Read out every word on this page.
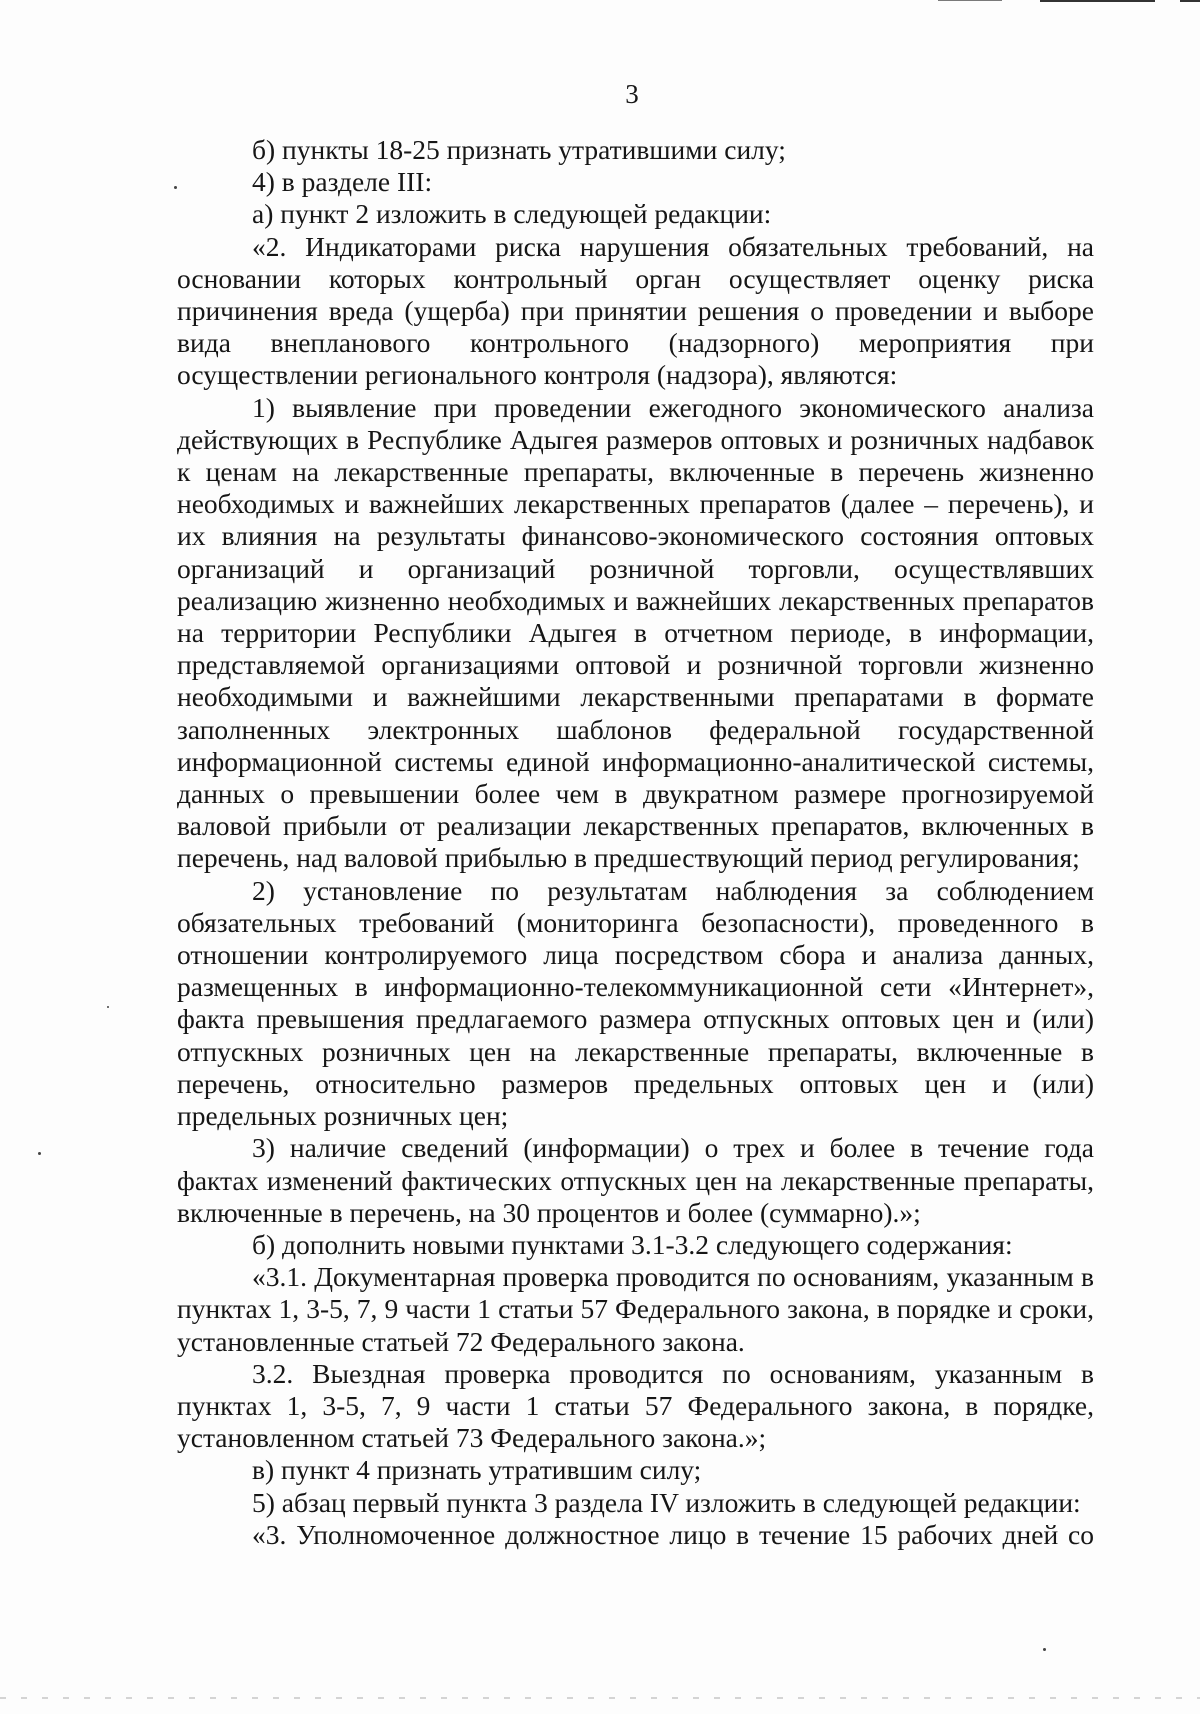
3

б) пункты 18-25 признать утратившими силу;

4) в разделе III:

а) пункт 2 изложить в следующей редакции:

«2. Индикаторами риска нарушения обязательных требований, на основании которых контрольный орган осуществляет оценку риска причинения вреда (ущерба) при принятии решения о проведении и выборе вида внепланового контрольного (надзорного) мероприятия при осуществлении регионального контроля (надзора), являются:

1) выявление при проведении ежегодного экономического анализа действующих в Республике Адыгея размеров оптовых и розничных надбавок к ценам на лекарственные препараты, включенные в перечень жизненно необходимых и важнейших лекарственных препаратов (далее – перечень), и их влияния на результаты финансово-экономического состояния оптовых организаций и организаций розничной торговли, осуществлявших реализацию жизненно необходимых и важнейших лекарственных препаратов на территории Республики Адыгея в отчетном периоде, в информации, представляемой организациями оптовой и розничной торговли жизненно необходимыми и важнейшими лекарственными препаратами в формате заполненных электронных шаблонов федеральной государственной информационной системы единой информационно-аналитической системы, данных о превышении более чем в двукратном размере прогнозируемой валовой прибыли от реализации лекарственных препаратов, включенных в перечень, над валовой прибылью в предшествующий период регулирования;

2) установление по результатам наблюдения за соблюдением обязательных требований (мониторинга безопасности), проведенного в отношении контролируемого лица посредством сбора и анализа данных, размещенных в информационно-телекоммуникационной сети «Интернет», факта превышения предлагаемого размера отпускных оптовых цен и (или) отпускных розничных цен на лекарственные препараты, включенные в перечень, относительно размеров предельных оптовых цен и (или) предельных розничных цен;

3) наличие сведений (информации) о трех и более в течение года фактах изменений фактических отпускных цен на лекарственные препараты, включенные в перечень, на 30 процентов и более (суммарно).»;

б) дополнить новыми пунктами 3.1-3.2 следующего содержания:

«3.1. Документарная проверка проводится по основаниям, указанным в пунктах 1, 3-5, 7, 9 части 1 статьи 57 Федерального закона, в порядке и сроки, установленные статьей 72 Федерального закона.

3.2. Выездная проверка проводится по основаниям, указанным в пунктах 1, 3-5, 7, 9 части 1 статьи 57 Федерального закона, в порядке, установленном статьей 73 Федерального закона.»;

в) пункт 4 признать утратившим силу;

5) абзац первый пункта 3 раздела IV изложить в следующей редакции:

«3. Уполномоченное должностное лицо в течение 15 рабочих дней со
